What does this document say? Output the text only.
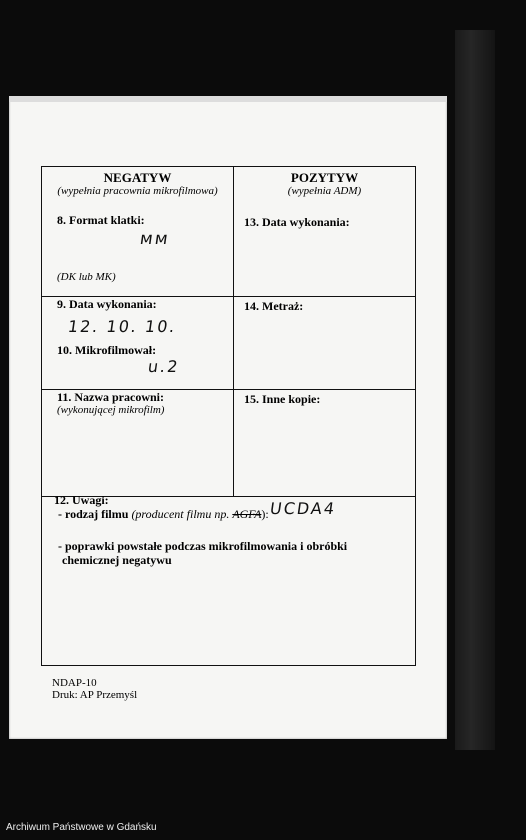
NEGATYW
(wypełnia pracownia mikrofilmowa)
8. Format klatki:
мм
(DK lub MK)
POZYTYW
(wypełnia ADM)
13. Data wykonania:
9. Data wykonania:
12. 10. 10.
10. Mikrofilmował:
u.2
14. Metraż:
11. Nazwa pracowni:
(wykonującej mikrofilm)
15. Inne kopie:
12. Uwagi:
- rodzaj filmu (producent filmu np. AGFA): UCDA4
- poprawki powstałe podczas mikrofilmowania i obróbki
chemicznej negatywu
NDAP-10
Druk: AP Przemyśl
Archiwum Państwowe w Gdańsku
